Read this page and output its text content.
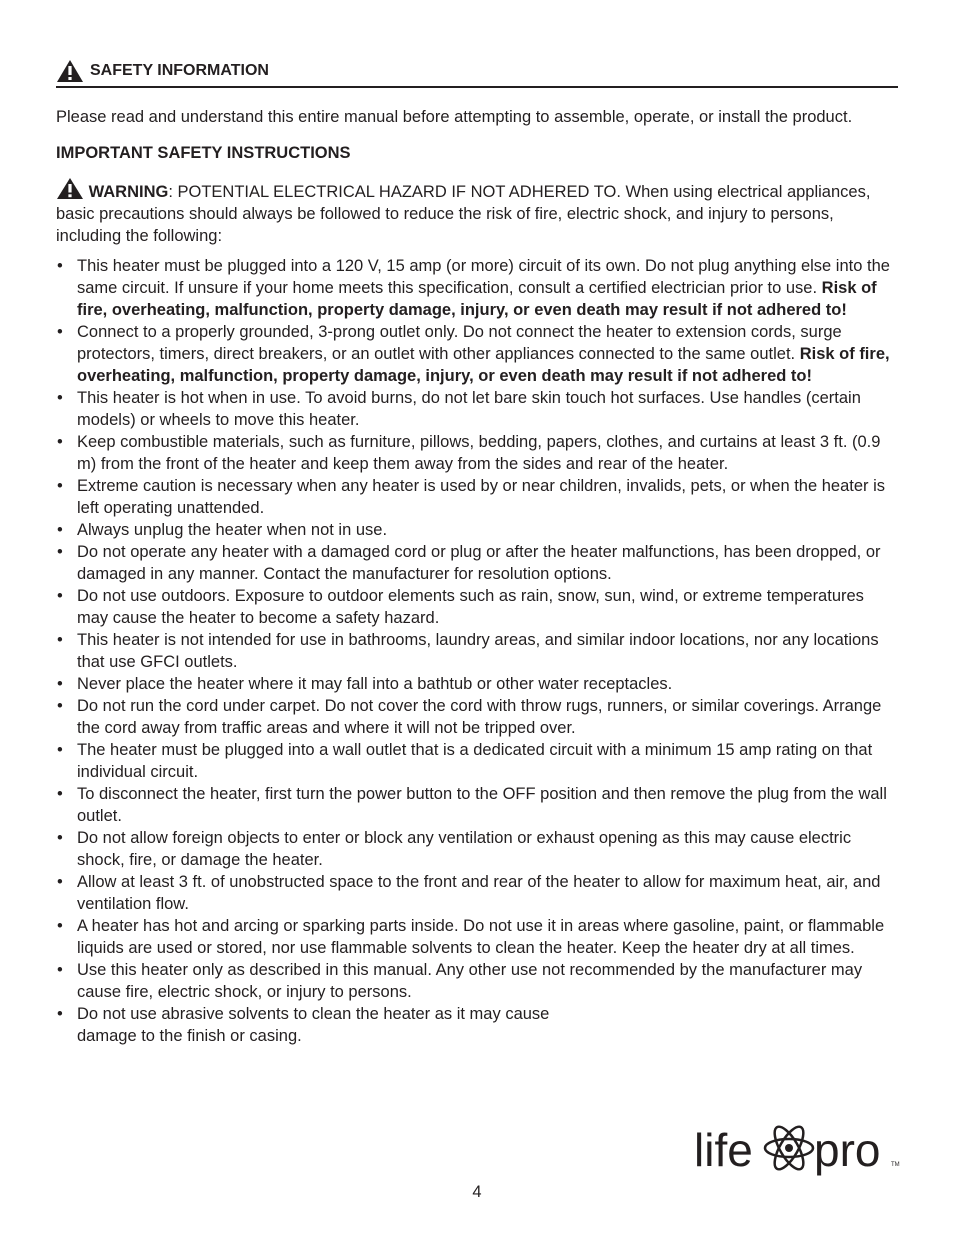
SAFETY INFORMATION
Please read and understand this entire manual before attempting to assemble, operate, or install the product.
IMPORTANT SAFETY INSTRUCTIONS
WARNING: POTENTIAL ELECTRICAL HAZARD IF NOT ADHERED TO. When using electrical appliances, basic precautions should always be followed to reduce the risk of fire, electric shock, and injury to persons, including the following:
• This heater must be plugged into a 120 V, 15 amp (or more) circuit of its own. Do not plug anything else into the same circuit. If unsure if your home meets this specification, consult a certified electrician prior to use. Risk of fire, overheating, malfunction, property damage, injury, or even death may result if not adhered to!
• Connect to a properly grounded, 3-prong outlet only. Do not connect the heater to extension cords, surge protectors, timers, direct breakers, or an outlet with other appliances connected to the same outlet. Risk of fire, overheating, malfunction, property damage, injury, or even death may result if not adhered to!
• This heater is hot when in use. To avoid burns, do not let bare skin touch hot surfaces. Use handles (certain models) or wheels to move this heater.
• Keep combustible materials, such as furniture, pillows, bedding, papers, clothes, and curtains at least 3 ft. (0.9 m) from the front of the heater and keep them away from the sides and rear of the heater.
• Extreme caution is necessary when any heater is used by or near children, invalids, pets, or when the heater is left operating unattended.
• Always unplug the heater when not in use.
• Do not operate any heater with a damaged cord or plug or after the heater malfunctions, has been dropped, or damaged in any manner. Contact the manufacturer for resolution options.
• Do not use outdoors. Exposure to outdoor elements such as rain, snow, sun, wind, or extreme temperatures may cause the heater to become a safety hazard.
• This heater is not intended for use in bathrooms, laundry areas, and similar indoor locations, nor any locations that use GFCI outlets.
• Never place the heater where it may fall into a bathtub or other water receptacles.
• Do not run the cord under carpet. Do not cover the cord with throw rugs, runners, or similar coverings. Arrange the cord away from traffic areas and where it will not be tripped over.
• The heater must be plugged into a wall outlet that is a dedicated circuit with a minimum 15 amp rating on that individual circuit.
• To disconnect the heater, first turn the power button to the OFF position and then remove the plug from the wall outlet.
• Do not allow foreign objects to enter or block any ventilation or exhaust opening as this may cause electric shock, fire, or damage the heater.
• Allow at least 3 ft. of unobstructed space to the front and rear of the heater to allow for maximum heat, air, and ventilation flow.
• A heater has hot and arcing or sparking parts inside. Do not use it in areas where gasoline, paint, or flammable liquids are used or stored, nor use flammable solvents to clean the heater. Keep the heater dry at all times.
• Use this heater only as described in this manual. Any other use not recommended by the manufacturer may cause fire, electric shock, or injury to persons.
• Do not use abrasive solvents to clean the heater as it may cause damage to the finish or casing.
life pro TM
4
